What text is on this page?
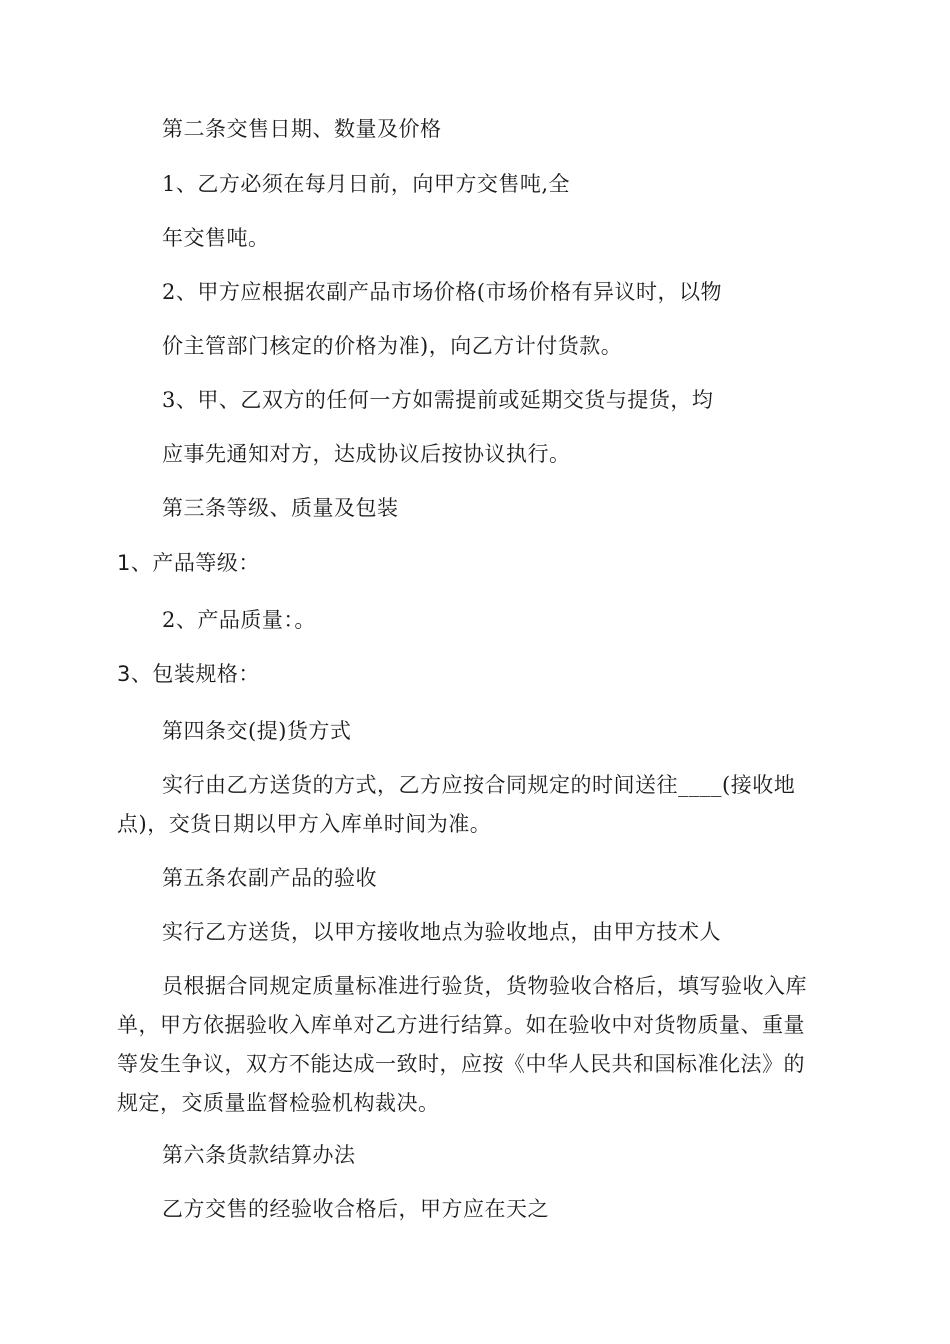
第二条交售日期、数量及价格
1、乙方必须在每月日前，向甲方交售吨,全
年交售吨。
2、甲方应根据农副产品市场价格(市场价格有异议时，以物
价主管部门核定的价格为准)，向乙方计付货款。
3、甲、乙双方的任何一方如需提前或延期交货与提货，均
应事先通知对方，达成协议后按协议执行。
第三条等级、质量及包装
1、产品等级：
2、产品质量：。
3、包装规格：
第四条交(提)货方式
实行由乙方送货的方式，乙方应按合同规定的时间送往____(接收地
点)，交货日期以甲方入库单时间为准。
第五条农副产品的验收
实行乙方送货，以甲方接收地点为验收地点，由甲方技术人
员根据合同规定质量标准进行验货，货物验收合格后，填写验收入库
单，甲方依据验收入库单对乙方进行结算。如在验收中对货物质量、重量
等发生争议，双方不能达成一致时，应按《中华人民共和国标准化法》的
规定，交质量监督检验机构裁决。
第六条货款结算办法
乙方交售的经验收合格后，甲方应在天之
